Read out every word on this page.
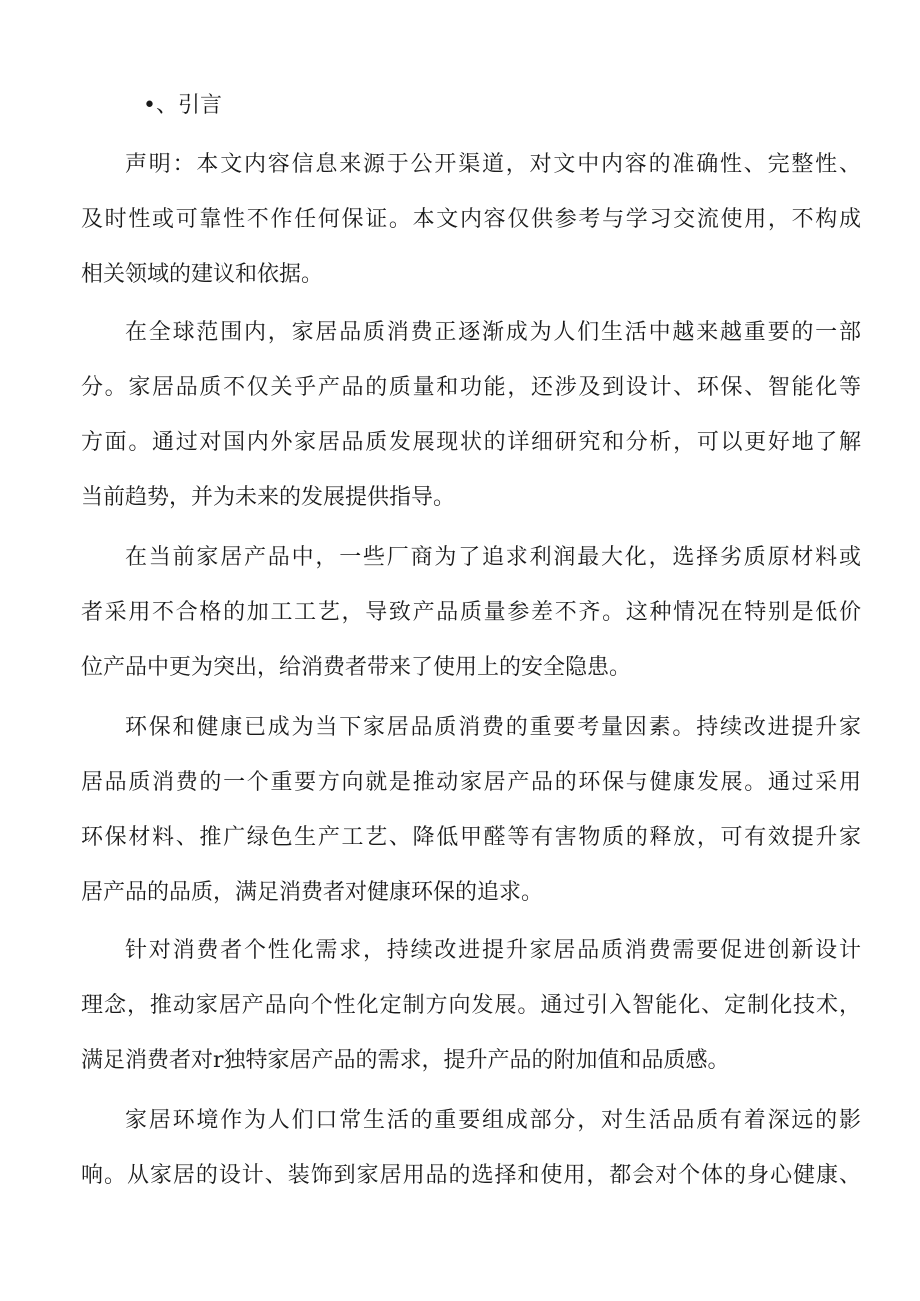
•、引言
声明：本文内容信息来源于公开渠道，对文中内容的准确性、完整性、
及时性或可靠性不作任何保证。本文内容仅供参考与学习交流使用，不构成
相关领域的建议和依据。
在全球范围内，家居品质消费正逐渐成为人们生活中越来越重要的一部
分。家居品质不仅关乎产品的质量和功能，还涉及到设计、环保、智能化等
方面。通过对国内外家居品质发展现状的详细研究和分析，可以更好地了解
当前趋势，并为未来的发展提供指导。
在当前家居产品中，一些厂商为了追求利润最大化，选择劣质原材料或
者采用不合格的加工工艺，导致产品质量参差不齐。这种情况在特别是低价
位产品中更为突出，给消费者带来了使用上的安全隐患。
环保和健康已成为当下家居品质消费的重要考量因素。持续改进提升家
居品质消费的一个重要方向就是推动家居产品的环保与健康发展。通过采用
环保材料、推广绿色生产工艺、降低甲醛等有害物质的释放，可有效提升家
居产品的品质，满足消费者对健康环保的追求。
针对消费者个性化需求，持续改进提升家居品质消费需要促进创新设计
理念，推动家居产品向个性化定制方向发展。通过引入智能化、定制化技术，
满足消费者对r独特家居产品的需求，提升产品的附加值和品质感。
家居环境作为人们口常生活的重要组成部分，对生活品质有着深远的影
响。从家居的设计、装饰到家居用品的选择和使用，都会对个体的身心健康、
